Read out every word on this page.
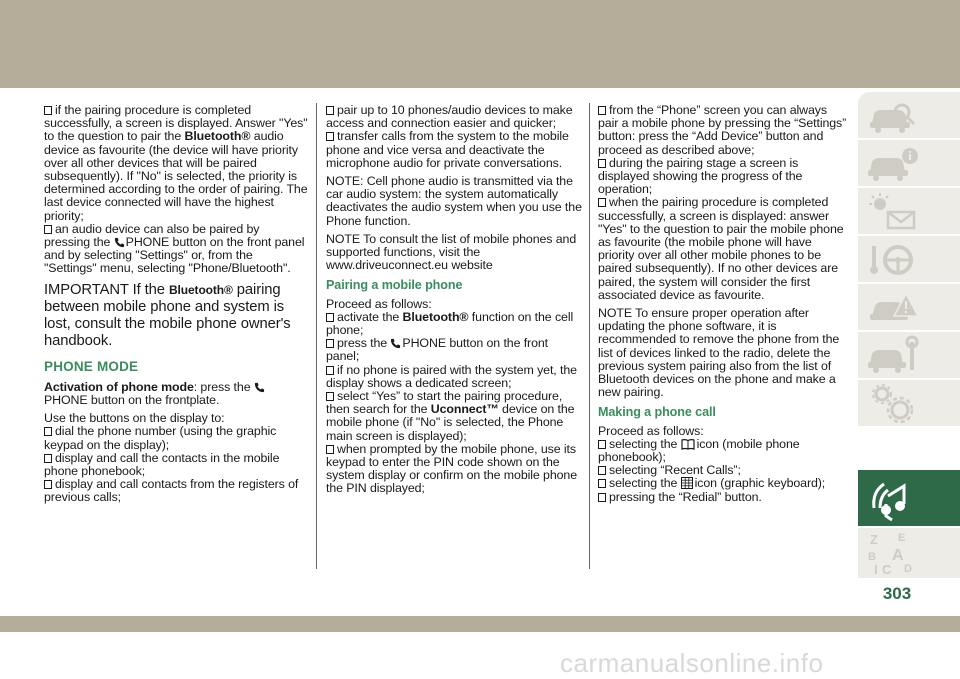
if the pairing procedure is completed successfully, a screen is displayed. Answer "Yes" to the question to pair the Bluetooth® audio device as favourite (the device will have priority over all other devices that will be paired subsequently). If "No" is selected, the priority is determined according to the order of pairing. The last device connected will have the highest priority;

an audio device can also be paired by pressing the PHONE button on the front panel and by selecting "Settings" or, from the "Settings" menu, selecting "Phone/Bluetooth".

IMPORTANT If the Bluetooth® pairing between mobile phone and system is lost, consult the mobile phone owner's handbook.
PHONE MODE

Activation of phone mode: press the PHONE button on the frontplate.

Use the buttons on the display to:

dial the phone number (using the graphic keypad on the display);

display and call the contacts in the mobile phone phonebook;

display and call contacts from the registers of previous calls;

pair up to 10 phones/audio devices to make access and connection easier and quicker;

transfer calls from the system to the mobile phone and vice versa and deactivate the microphone audio for private conversations.

NOTE: Cell phone audio is transmitted via the car audio system: the system automatically deactivates the audio system when you use the Phone function.

NOTE To consult the list of mobile phones and supported functions, visit the www.driveuconnect.eu website

Pairing a mobile phone

Proceed as follows:

activate the Bluetooth® function on the cell phone;

press the PHONE button on the front panel;

if no phone is paired with the system yet, the display shows a dedicated screen;

select “Yes” to start the pairing procedure, then search for the Uconnect™ device on the mobile phone (if "No" is selected, the Phone main screen is displayed);

when prompted by the mobile phone, use its keypad to enter the PIN code shown on the system display or confirm on the mobile phone the PIN displayed;

from the “Phone” screen you can always pair a mobile phone by pressing the “Settings” button: press the “Add Device” button and proceed as described above;

during the pairing stage a screen is displayed showing the progress of the operation;

when the pairing procedure is completed successfully, a screen is displayed: answer "Yes" to the question to pair the mobile phone as favourite (the mobile phone will have priority over all other mobile phones to be paired subsequently). If no other devices are paired, the system will consider the first associated device as favourite.

NOTE To ensure proper operation after updating the phone software, it is recommended to remove the phone from the list of devices linked to the radio, delete the previous system pairing also from the list of Bluetooth devices on the phone and make a new pairing.

Making a phone call

Proceed as follows:

selecting the icon (mobile phone phonebook);

selecting “Recent Calls”;

selecting the icon (graphic keyboard);

pressing the “Redial” button.

Z E
B A
I C D
303
carmanualsonline.info
